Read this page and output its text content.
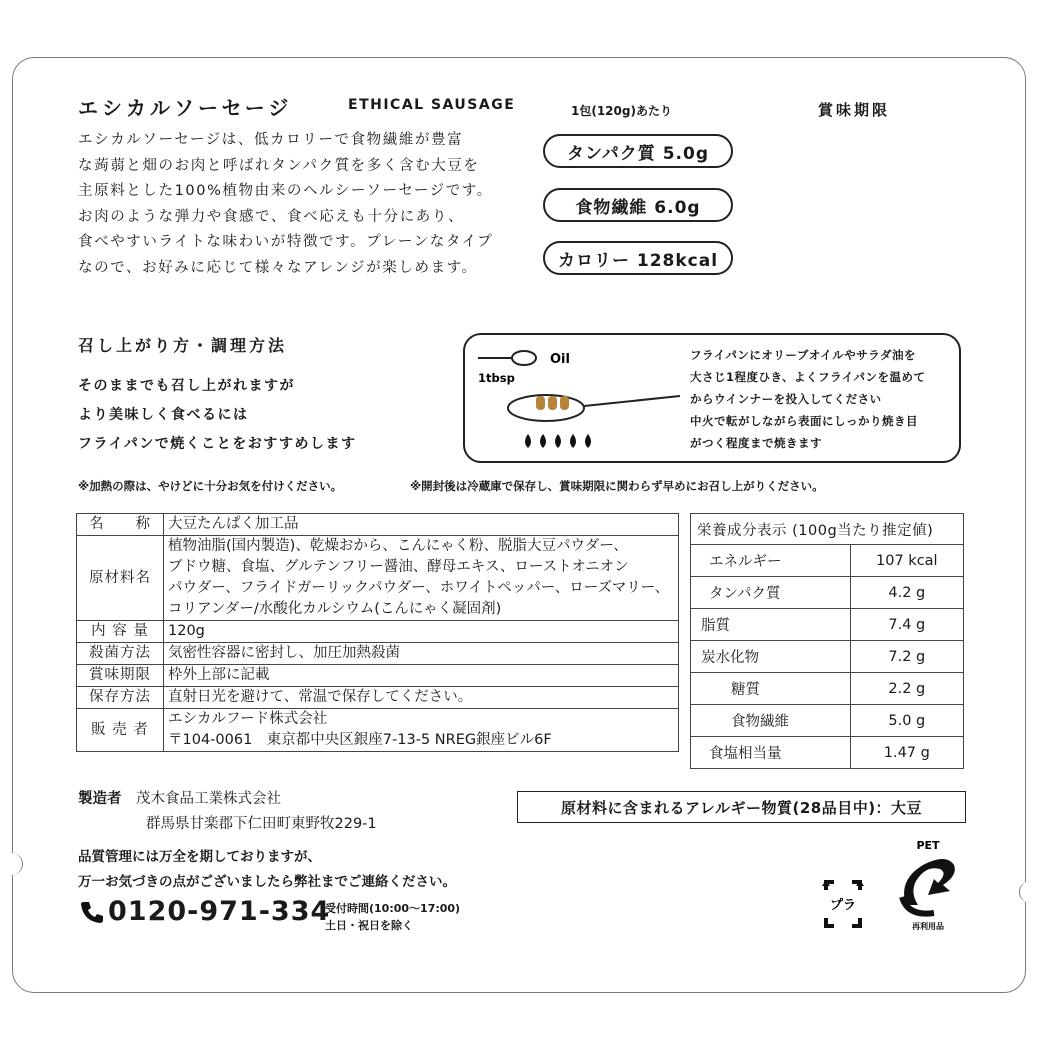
エシカルソーセージ	ETHICAL SAUSAGE
エシカルソーセージは、低カロリーで食物繊維が豊富
な蒟蒻と畑のお肉と呼ばれタンパク質を多く含む大豆を
主原料とした100%植物由来のヘルシーソーセージです。
お肉のような弾力や食感で、食べ応えも十分にあり、
食べやすいライトな味わいが特徴です。プレーンなタイプ
なので、お好みに応じて様々なアレンジが楽しめます。
1包(120g)あたり	賞味期限
タンパク質 5.0g
食物繊維 6.0g
カロリー 128kcal
召し上がり方・調理方法
そのままでも召し上がれますが
より美味しく食べるには
フライパンで焼くことをおすすめします
Oil
1tbsp
フライパンにオリーブオイルやサラダ油を
大さじ1程度ひき、よくフライパンを温めて
からウインナーを投入してください
中火で転がしながら表面にしっかり焼き目
がつく程度まで焼きます
※加熱の際は、やけどに十分お気を付けください。	※開封後は冷蔵庫で保存し、賞味期限に関わらず早めにお召し上がりください。
名　　称	大豆たんぱく加工品

原材料名	植物油脂(国内製造)、乾燥おから、こんにゃく粉、脱脂大豆パウダー、
ブドウ糖、食塩、グルテンフリー醤油、酵母エキス、ローストオニオン
パウダー、フライドガーリックパウダー、ホワイトペッパー、ローズマリー、
コリアンダー/水酸化カルシウム(こんにゃく凝固剤)

内 容 量	120g

殺菌方法	気密性容器に密封し、加圧加熱殺菌

賞味期限	枠外上部に記載

保存方法	直射日光を避けて、常温で保存してください。

販 売 者	エシカルフード株式会社
〒104-0061　東京都中央区銀座7-13-5 NREG銀座ビル6F
栄養成分表示 (100g当たり推定値)	
エネルギー	107 kcal
タンパク質	4.2 g
脂質	7.4 g
炭水化物	7.2 g
糖質	2.2 g
食物繊維	5.0 g
食塩相当量	1.47 g
製造者　 茂木食品工業株式会社
群馬県甘楽郡下仁田町東野牧229-1
原材料に含まれるアレルギー物質(28品目中)：大豆
品質管理には万全を期しておりますが、
万一お気づきの点がございましたら弊社までご連絡ください。
0120-971-334
受付時間(10:00〜17:00)
土日・祝日を除く
プラ
PET
再利用品
